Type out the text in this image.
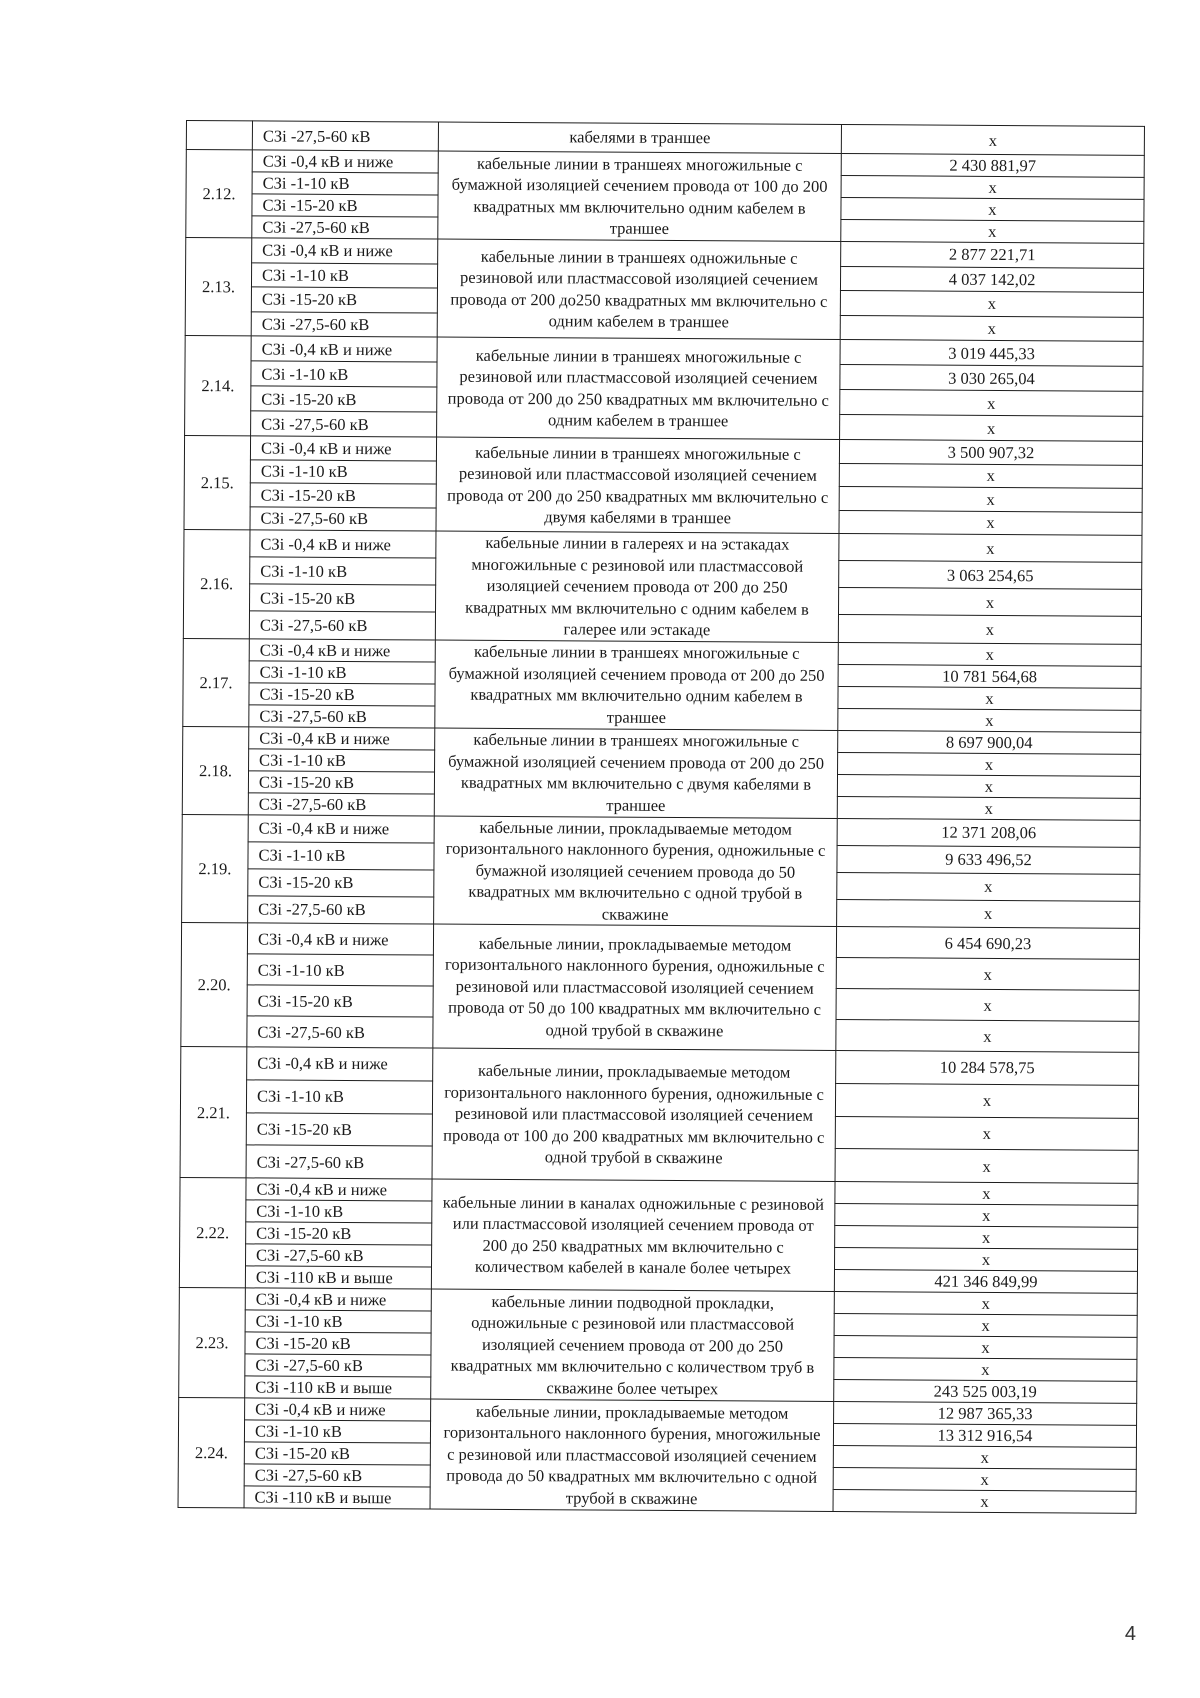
	СЗі -27,5-60 кВ	кабелями в траншее	х
2.12.	СЗі -0,4 кВ и ниже	кабельные линии в траншеях многожильные с бумажной изоляцией сечением провода от 100 до 200 квадратных мм включительно одним кабелем в траншее	2 430 881,97
	СЗі -1-10 кВ		х
	СЗі -15-20 кВ		х
	СЗі -27,5-60 кВ		х
2.13.	СЗі -0,4 кВ и ниже	кабельные линии в траншеях одножильные с резиновой или пластмассовой изоляцией сечением провода от 200 до250 квадратных мм включительно с одним кабелем в траншее	2 877 221,71
	СЗі -1-10 кВ		4 037 142,02
	СЗі -15-20 кВ		х
	СЗі -27,5-60 кВ		х
2.14.	СЗі -0,4 кВ и ниже	кабельные линии в траншеях многожильные с резиновой или пластмассовой изоляцией сечением провода от 200 до 250 квадратных мм включительно с одним кабелем в траншее	3 019 445,33
	СЗі -1-10 кВ		3 030 265,04
	СЗі -15-20 кВ		х
	СЗі -27,5-60 кВ		х
2.15.	СЗі -0,4 кВ и ниже	кабельные линии в траншеях многожильные с резиновой или пластмассовой изоляцией сечением провода от 200 до 250 квадратных мм включительно с двумя кабелями в траншее	3 500 907,32
	СЗі -1-10 кВ		х
	СЗі -15-20 кВ		х
	СЗі -27,5-60 кВ		х
2.16.	СЗі -0,4 кВ и ниже	кабельные линии в галереях и на эстакадах многожильные с резиновой или пластмассовой изоляцией сечением провода от 200 до 250 квадратных мм включительно с одним кабелем в галерее или эстакаде	х
	СЗі -1-10 кВ		3 063 254,65
	СЗі -15-20 кВ		х
	СЗі -27,5-60 кВ		х
2.17.	СЗі -0,4 кВ и ниже	кабельные линии в траншеях многожильные с бумажной изоляцией сечением провода от 200 до 250 квадратных мм включительно одним кабелем в траншее	х
	СЗі -1-10 кВ		10 781 564,68
	СЗі -15-20 кВ		х
	СЗі -27,5-60 кВ		х
2.18.	СЗі -0,4 кВ и ниже	кабельные линии в траншеях многожильные с бумажной изоляцией сечением провода от 200 до 250 квадратных мм включительно с двумя кабелями в траншее	8 697 900,04
	СЗі -1-10 кВ		х
	СЗі -15-20 кВ		х
	СЗі -27,5-60 кВ		х
2.19.	СЗі -0,4 кВ и ниже	кабельные линии, прокладываемые методом горизонтального наклонного бурения, одножильные с бумажной изоляцией сечением провода до 50 квадратных мм включительно с одной трубой в скважине	12 371 208,06
	СЗі -1-10 кВ		9 633 496,52
	СЗі -15-20 кВ		х
	СЗі -27,5-60 кВ		х
2.20.	СЗі -0,4 кВ и ниже	кабельные линии, прокладываемые методом горизонтального наклонного бурения, одножильные с резиновой или пластмассовой изоляцией сечением провода от 50 до 100 квадратных мм включительно с одной трубой в скважине	6 454 690,23
	СЗі -1-10 кВ		х
	СЗі -15-20 кВ		х
	СЗі -27,5-60 кВ		х
2.21.	СЗі -0,4 кВ и ниже	кабельные линии, прокладываемые методом горизонтального наклонного бурения, одножильные с резиновой или пластмассовой изоляцией сечением провода от 100 до 200 квадратных мм включительно с одной трубой в скважине	10 284 578,75
	СЗі -1-10 кВ		х
	СЗі -15-20 кВ		х
	СЗі -27,5-60 кВ		х
2.22.	СЗі -0,4 кВ и ниже	кабельные линии в каналах одножильные с резиновой или пластмассовой изоляцией сечением провода от 200 до 250 квадратных мм включительно с количеством кабелей в канале более четырех	х
	СЗі -1-10 кВ		х
	СЗі -15-20 кВ		х
	СЗі -27,5-60 кВ		х
	СЗі -110 кВ и выше		421 346 849,99
2.23.	СЗі -0,4 кВ и ниже	кабельные линии подводной прокладки, одножильные с резиновой или пластмассовой изоляцией сечением провода от 200 до 250 квадратных мм включительно с количеством труб в скважине более четырех	х
	СЗі -1-10 кВ		х
	СЗі -15-20 кВ		х
	СЗі -27,5-60 кВ		х
	СЗі -110 кВ и выше		243 525 003,19
2.24.	СЗі -0,4 кВ и ниже	кабельные линии, прокладываемые методом горизонтального наклонного бурения, многожильные с резиновой или пластмассовой изоляцией сечением провода до 50 квадратных мм включительно с одной трубой в скважине	12 987 365,33
	СЗі -1-10 кВ		13 312 916,54
	СЗі -15-20 кВ		х
	СЗі -27,5-60 кВ		х
	СЗі -110 кВ и выше		х
4
